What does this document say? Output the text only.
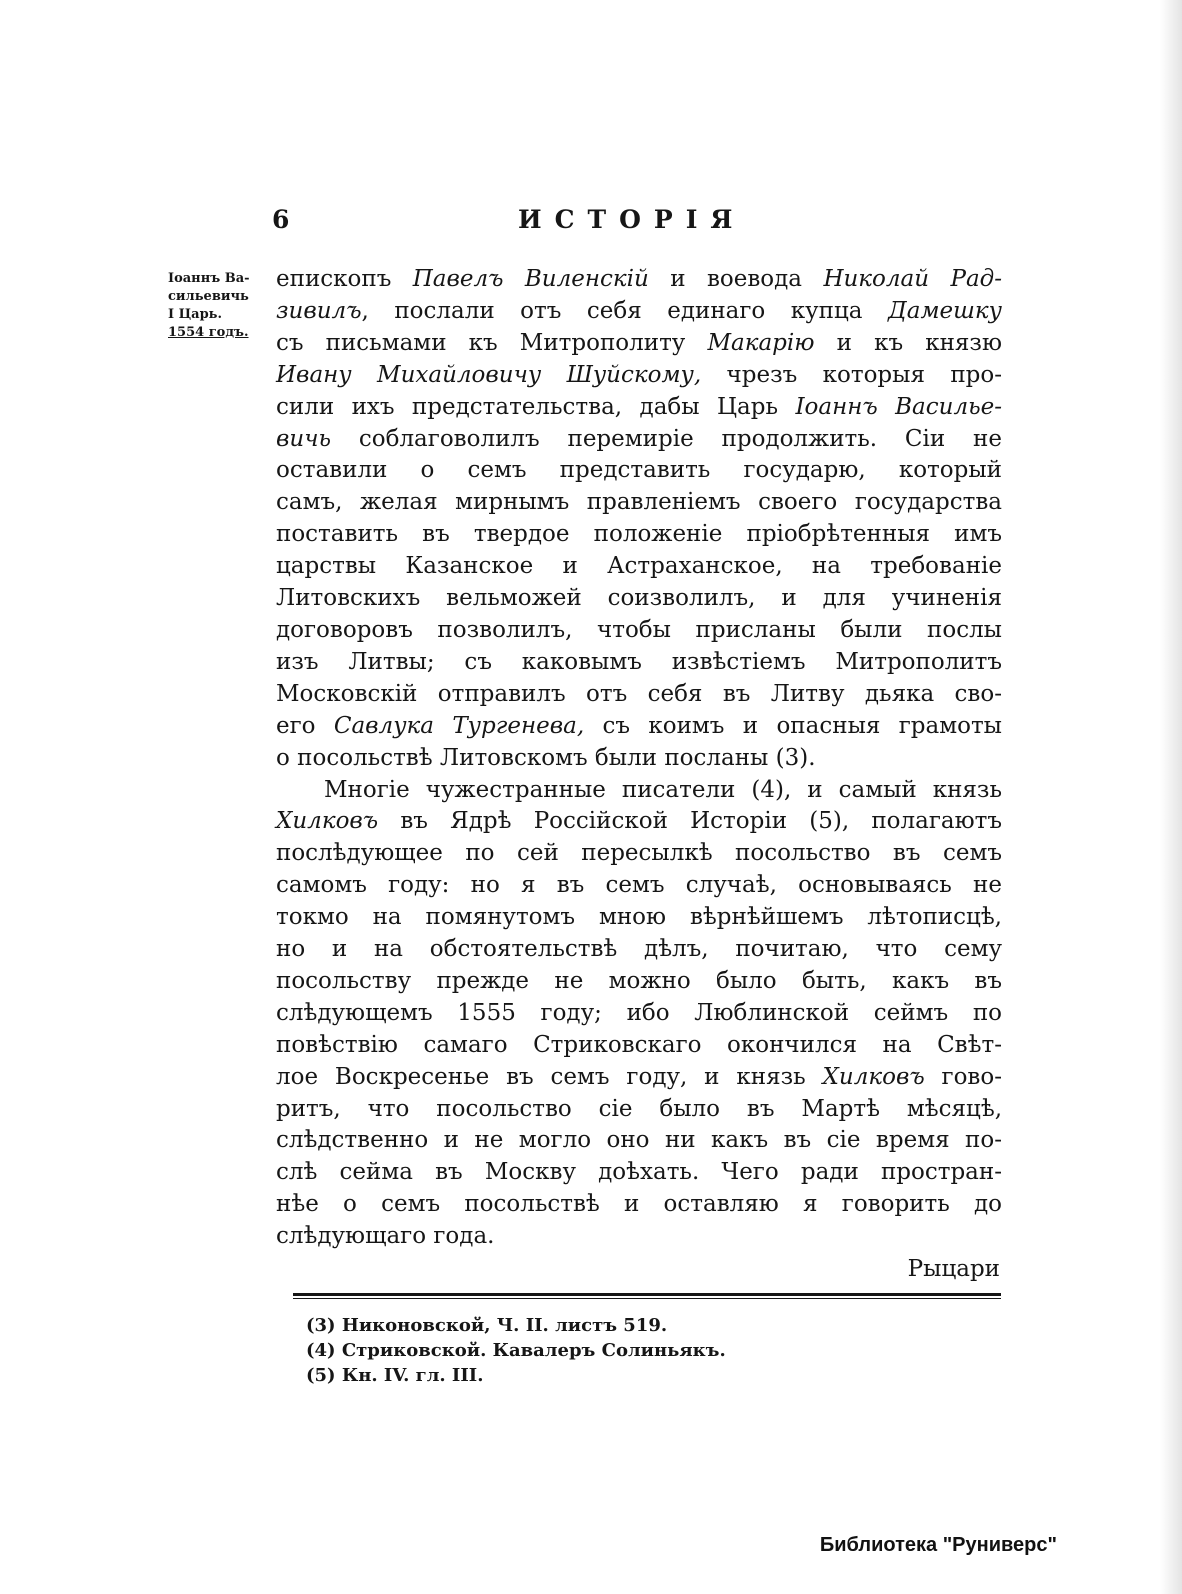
6	ИСТОРІЯ
Іоаннъ Ва-
сильевичь
I Царь.
1554 годъ.
епископъ Павелъ Виленскій и воевода Николай Рад-
зивилъ, послали отъ себя единаго купца Дамешку
съ письмами къ Митрополиту Макарію и къ князю
Ивану Михайловичу Шуйскому, чрезъ которыя про-
сили ихъ предстательства, дабы Царь Іоаннъ Васильe-
вичь соблаговолилъ перемиріе продолжить. Сіи не
оставили о семъ представить государю, который
самъ, желая мирнымъ правленіемъ своего государства
поставить въ твердое положеніе пріобрѣтенныя имъ
царствы Казанское и Астраханское, на требованіе
Литовскихъ вельможей соизволилъ, и для учиненія
договоровъ позволилъ, чтобы присланы были послы
изъ Литвы; съ каковымъ извѣстіемъ Митрополитъ
Московскій отправилъ отъ себя въ Литву дьяка сво-
его Савлука Тургенева, съ коимъ и опасныя грамоты
о посольствѣ Литовскомъ были посланы (3).
Многіе чужестранные писатели (4), и самый князь
Хилковъ въ Ядрѣ Россійской Исторіи (5), полагаютъ
послѣдующее по сей пересылкѣ посольство въ семъ
самомъ году: но я въ семъ случаѣ, основываясь не
токмо на помянутомъ мною вѣрнѣйшемъ лѣтописцѣ,
но и на обстоятельствѣ дѣлъ, почитаю, что сему
посольству прежде не можно было быть, какъ въ
слѣдующемъ 1555 году; ибо Люблинской сеймъ по
повѣствію самаго Стриковскаго окончился на Свѣт-
лое Воскресенье въ семъ году, и князь Хилковъ гово-
ритъ, что посольство сіе было въ Мартѣ мѣсяцѣ,
слѣдственно и не могло оно ни какъ въ сіе время по-
слѣ сейма въ Москву доѣхать. Чего ради простран-
нѣе о семъ посольствѣ и оставляю я говорить до
слѣдующаго года.
Рыцари
(3) Никоновской, Ч. II. листъ 519.
(4) Стриковской. Кавалеръ Солиньякъ.
(5) Кн. IV. гл. III.
Библиотека "Руниверс"
